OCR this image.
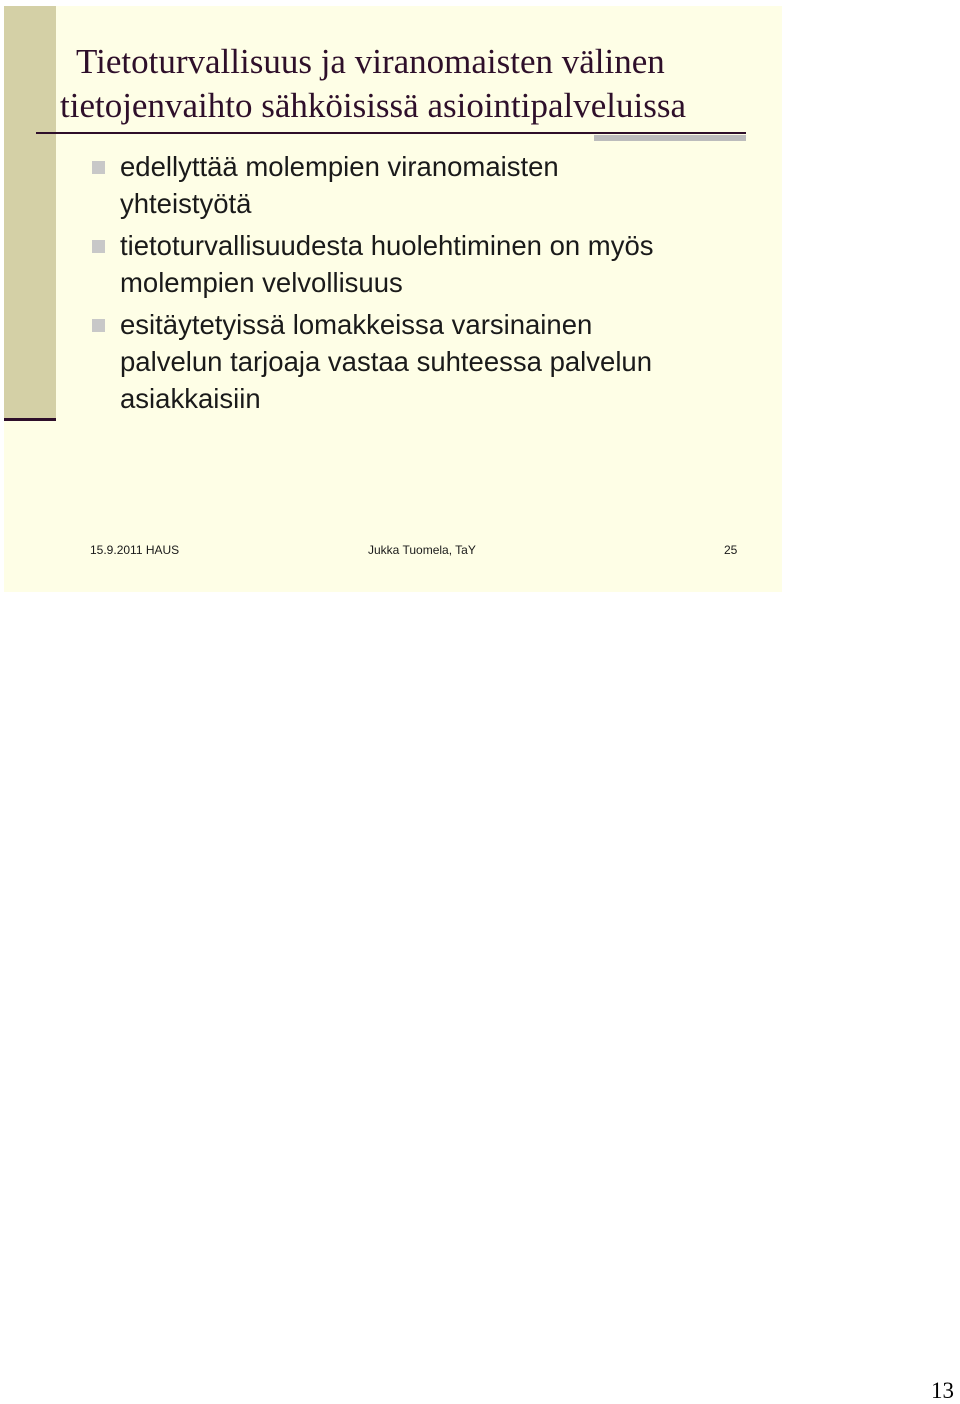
Tietoturvallisuus ja viranomaisten välinen
tietojenvaihto sähköisissä asiointipalveluissa
edellyttää molempien viranomaisten
yhteistyötä
tietoturvallisuudesta huolehtiminen on myös
molempien velvollisuus
esitäytetyissä lomakkeissa varsinainen
palvelun tarjoaja vastaa suhteessa palvelun
asiakkaisiin
15.9.2011 HAUS	Jukka Tuomela, TaY	25
13
